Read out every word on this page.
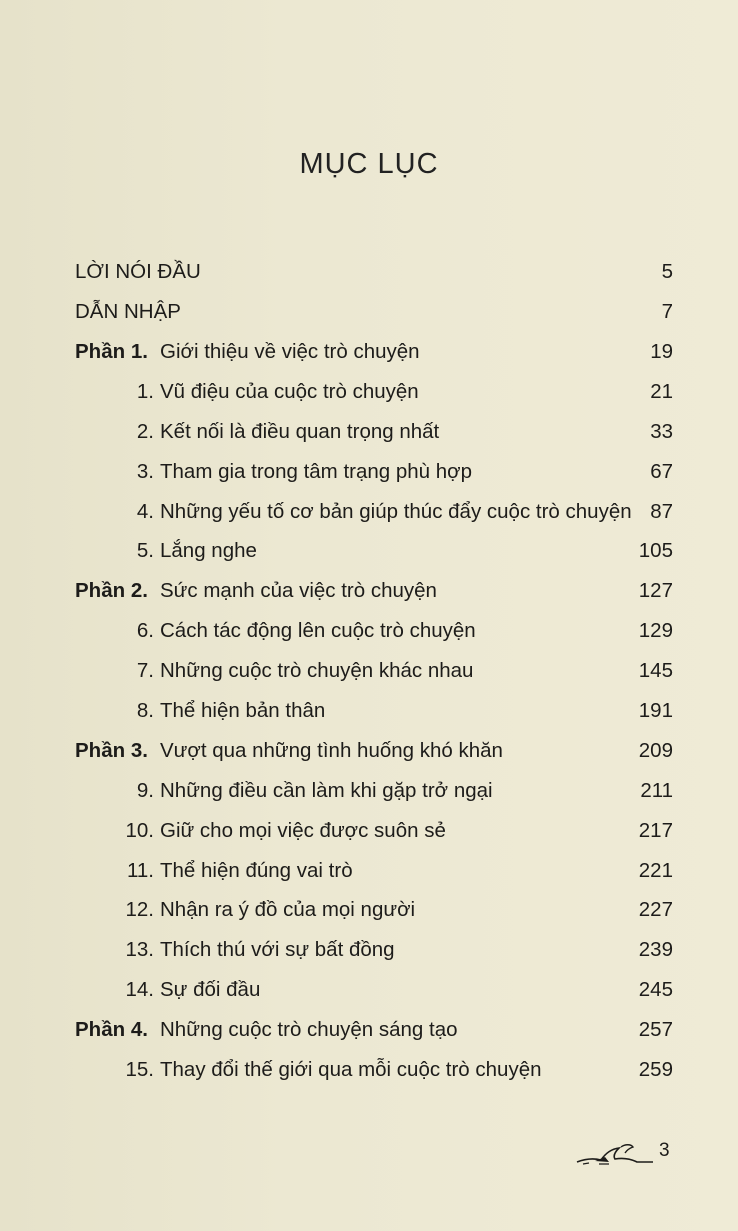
MỤC LỤC
LỜI NÓI ĐẦU	5
DẪN NHẬP	7
Phần 1. Giới thiệu về việc trò chuyện	19
1. Vũ điệu của cuộc trò chuyện	21
2. Kết nối là điều quan trọng nhất	33
3. Tham gia trong tâm trạng phù hợp	67
4. Những yếu tố cơ bản giúp thúc đẩy cuộc trò chuyện 87
5. Lắng nghe	105
Phần 2. Sức mạnh của việc trò chuyện	127
6. Cách tác động lên cuộc trò chuyện	129
7. Những cuộc trò chuyện khác nhau	145
8. Thể hiện bản thân	191
Phần 3. Vượt qua những tình huống khó khăn	209
9. Những điều cần làm khi gặp trở ngại	211
10. Giữ cho mọi việc được suôn sẻ	217
11. Thể hiện đúng vai trò	221
12. Nhận ra ý đồ của mọi người	227
13. Thích thú với sự bất đồng	239
14. Sự đối đầu	245
Phần 4. Những cuộc trò chuyện sáng tạo	257
15. Thay đổi thế giới qua mỗi cuộc trò chuyện	259
3
